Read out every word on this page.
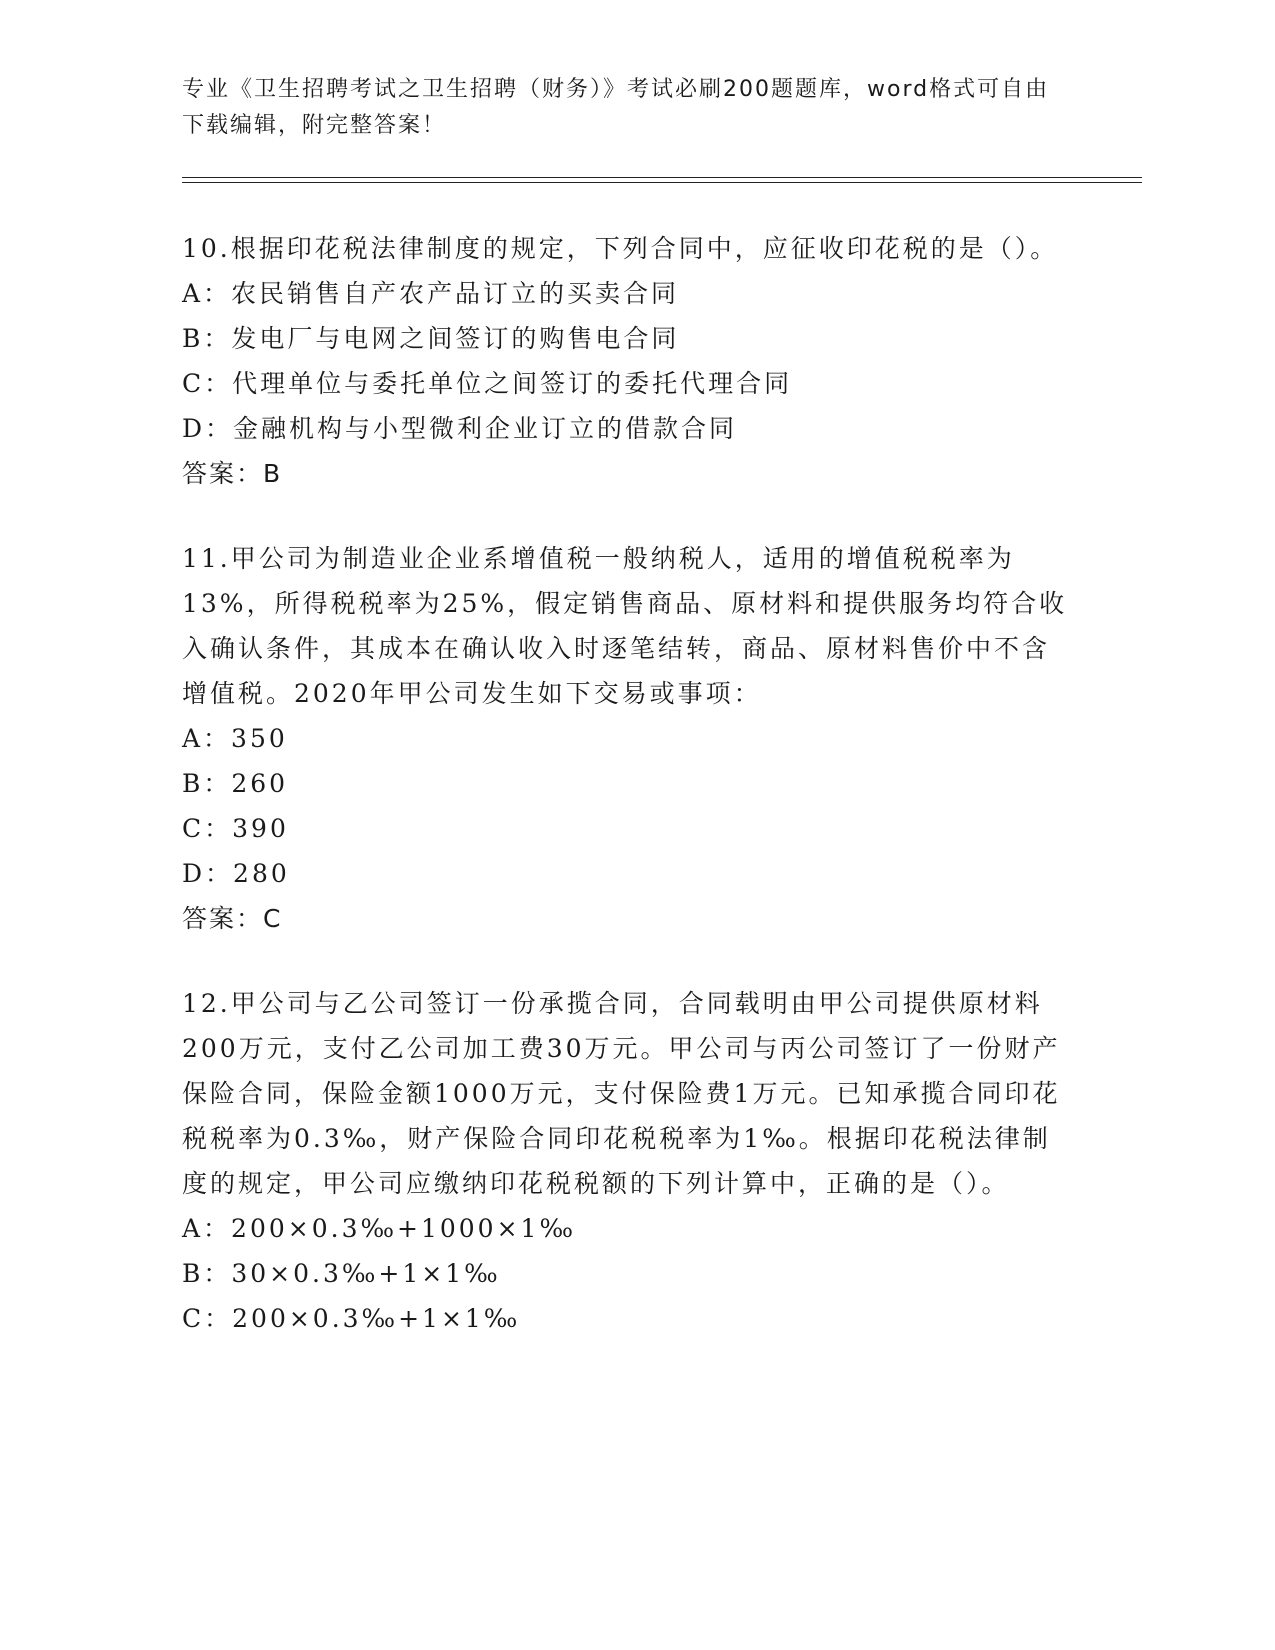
专业《卫生招聘考试之卫生招聘（财务）》考试必刷200题题库，word格式可自由下载编辑，附完整答案！

10.根据印花税法律制度的规定，下列合同中，应征收印花税的是（）。

A：农民销售自产农产品订立的买卖合同

B：发电厂与电网之间签订的购售电合同

C：代理单位与委托单位之间签订的委托代理合同

D：金融机构与小型微利企业订立的借款合同

答案：B

11.甲公司为制造业企业系增值税一般纳税人，适用的增值税税率为13%，所得税税率为25%，假定销售商品、原材料和提供服务均符合收入确认条件，其成本在确认收入时逐笔结转，商品、原材料售价中不含增值税。2020年甲公司发生如下交易或事项：

A：350

B：260

C：390

D：280

答案：C

12.甲公司与乙公司签订一份承揽合同，合同载明由甲公司提供原材料200万元，支付乙公司加工费30万元。甲公司与丙公司签订了一份财产保险合同，保险金额1000万元，支付保险费1万元。已知承揽合同印花税税率为0.3‰，财产保险合同印花税税率为1‰。根据印花税法律制度的规定，甲公司应缴纳印花税税额的下列计算中，正确的是（）。

A：200×0.3‰+1000×1‰

B：30×0.3‰+1×1‰

C：200×0.3‰+1×1‰
